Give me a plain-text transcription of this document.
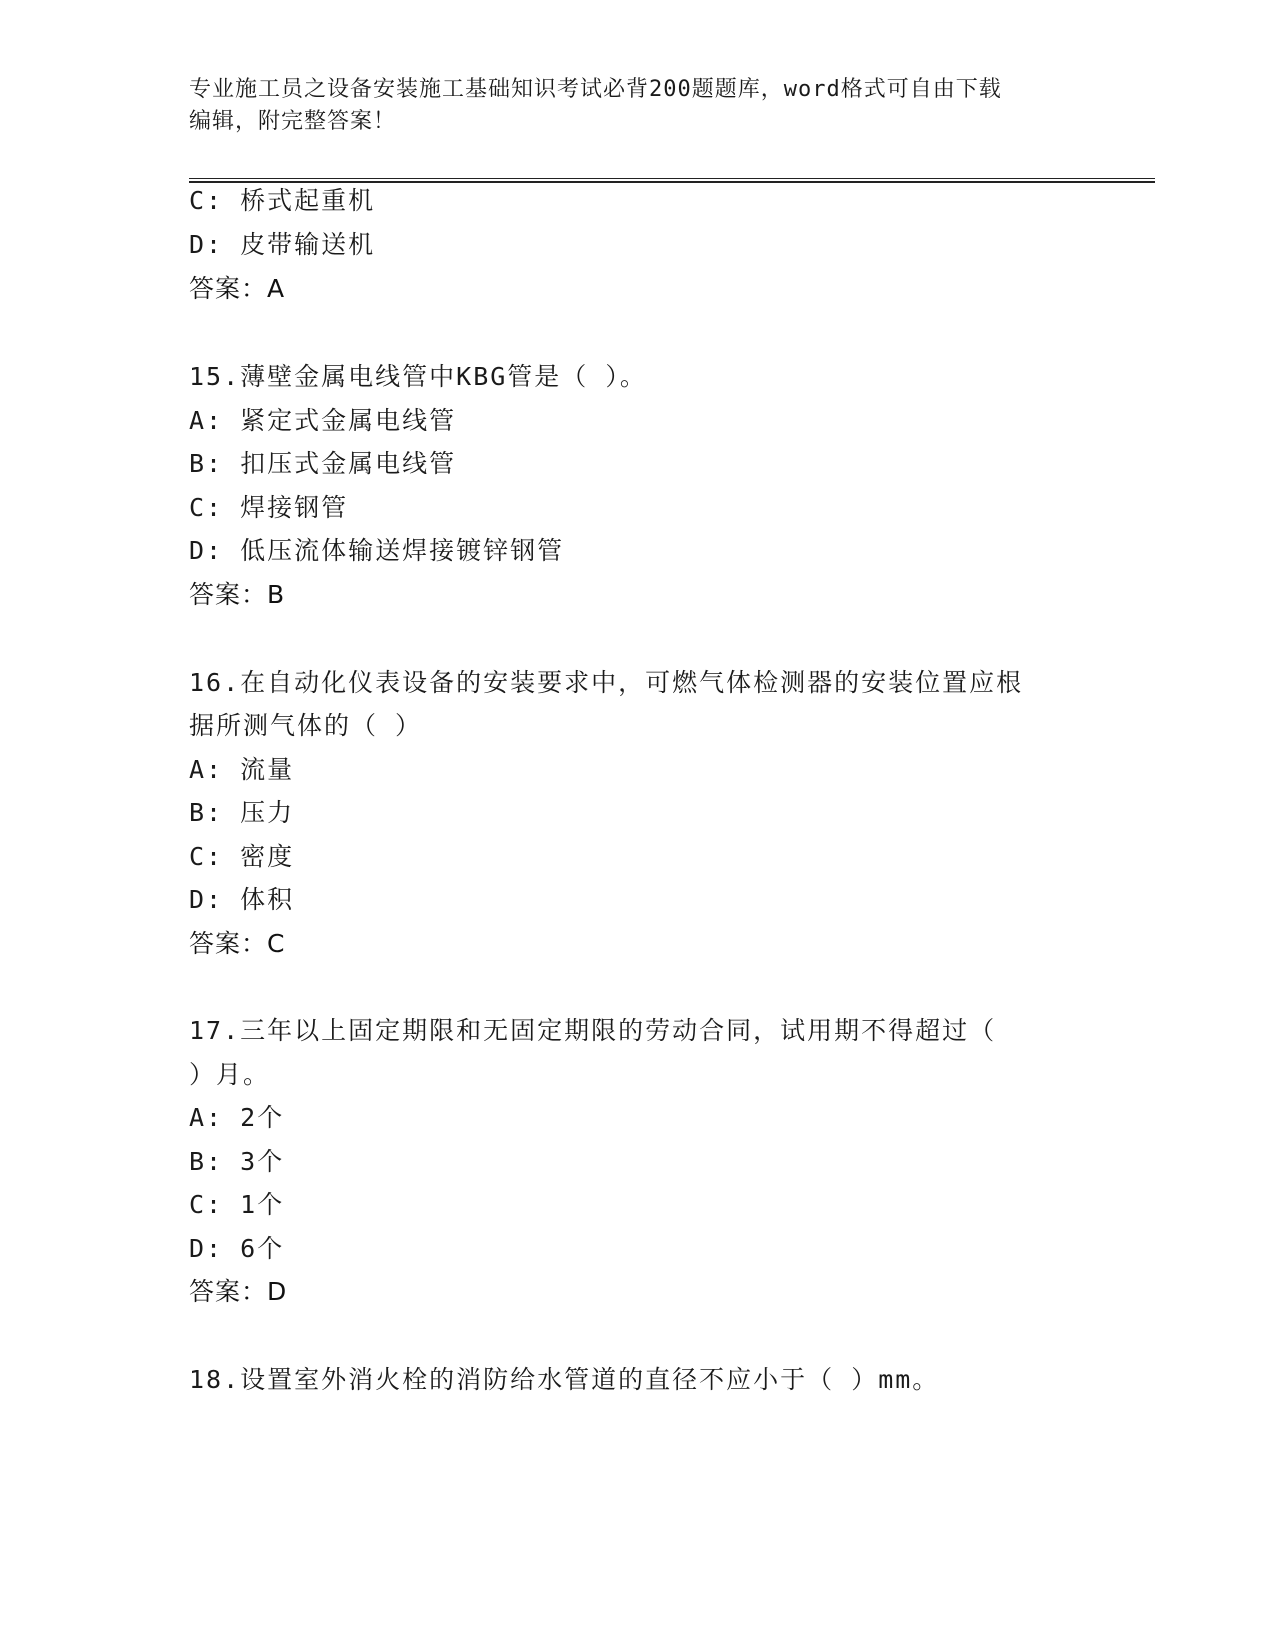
专业施工员之设备安装施工基础知识考试必背200题题库，word格式可自由下载
编辑，附完整答案！
C: 桥式起重机
D: 皮带输送机
答案：A
15.薄壁金属电线管中KBG管是（ ）。
A: 紧定式金属电线管
B: 扣压式金属电线管
C: 焊接钢管
D: 低压流体输送焊接镀锌钢管
答案：B
16.在自动化仪表设备的安装要求中，可燃气体检测器的安装位置应根
据所测气体的（ ）
A: 流量
B: 压力
C: 密度
D: 体积
答案：C
17.三年以上固定期限和无固定期限的劳动合同，试用期不得超过（
）月。
A: 2个
B: 3个
C: 1个
D: 6个
答案：D
18.设置室外消火栓的消防给水管道的直径不应小于（ ）mm。
